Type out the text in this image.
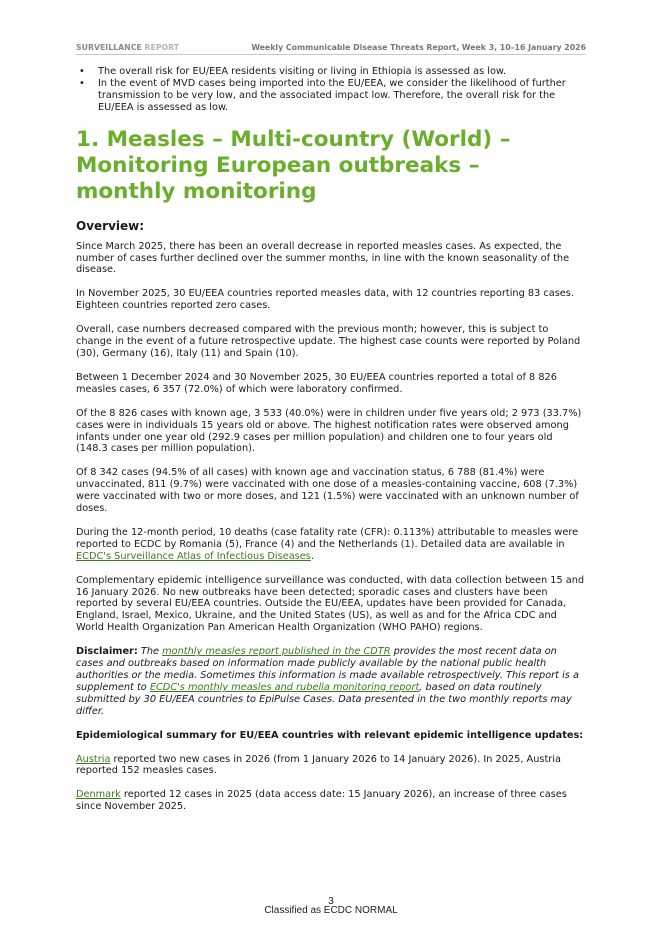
SURVEILLANCE REPORT	Weekly Communicable Disease Threats Report, Week 3, 10–16 January 2026
• The overall risk for EU/EEA residents visiting or living in Ethiopia is assessed as low.
• In the event of MVD cases being imported into the EU/EEA, we consider the likelihood of further transmission to be very low, and the associated impact low. Therefore, the overall risk for the EU/EEA is assessed as low.
1. Measles – Multi-country (World) – Monitoring European outbreaks – monthly monitoring
Overview:

Since March 2025, there has been an overall decrease in reported measles cases. As expected, the number of cases further declined over the summer months, in line with the known seasonality of the disease.

In November 2025, 30 EU/EEA countries reported measles data, with 12 countries reporting 83 cases. Eighteen countries reported zero cases.

Overall, case numbers decreased compared with the previous month; however, this is subject to change in the event of a future retrospective update. The highest case counts were reported by Poland (30), Germany (16), Italy (11) and Spain (10).

Between 1 December 2024 and 30 November 2025, 30 EU/EEA countries reported a total of 8 826 measles cases, 6 357 (72.0%) of which were laboratory confirmed.

Of the 8 826 cases with known age, 3 533 (40.0%) were in children under five years old; 2 973 (33.7%) cases were in individuals 15 years old or above. The highest notification rates were observed among infants under one year old (292.9 cases per million population) and children one to four years old (148.3 cases per million population).

Of 8 342 cases (94.5% of all cases) with known age and vaccination status, 6 788 (81.4%) were unvaccinated, 811 (9.7%) were vaccinated with one dose of a measles-containing vaccine, 608 (7.3%) were vaccinated with two or more doses, and 121 (1.5%) were vaccinated with an unknown number of doses.

During the 12-month period, 10 deaths (case fatality rate (CFR): 0.113%) attributable to measles were reported to ECDC by Romania (5), France (4) and the Netherlands (1). Detailed data are available in ECDC's Surveillance Atlas of Infectious Diseases.

Complementary epidemic intelligence surveillance was conducted, with data collection between 15 and 16 January 2026. No new outbreaks have been detected; sporadic cases and clusters have been reported by several EU/EEA countries. Outside the EU/EEA, updates have been provided for Canada, England, Israel, Mexico, Ukraine, and the United States (US), as well as and for the Africa CDC and World Health Organization Pan American Health Organization (WHO PAHO) regions.

Disclaimer: The monthly measles report published in the CDTR provides the most recent data on cases and outbreaks based on information made publicly available by the national public health authorities or the media. Sometimes this information is made available retrospectively. This report is a supplement to ECDC's monthly measles and rubella monitoring report, based on data routinely submitted by 30 EU/EEA countries to EpiPulse Cases. Data presented in the two monthly reports may differ.

Epidemiological summary for EU/EEA countries with relevant epidemic intelligence updates:

Austria reported two new cases in 2026 (from 1 January 2026 to 14 January 2026). In 2025, Austria reported 152 measles cases.

Denmark reported 12 cases in 2025 (data access date: 15 January 2026), an increase of three cases since November 2025.

3
Classified as ECDC NORMAL
